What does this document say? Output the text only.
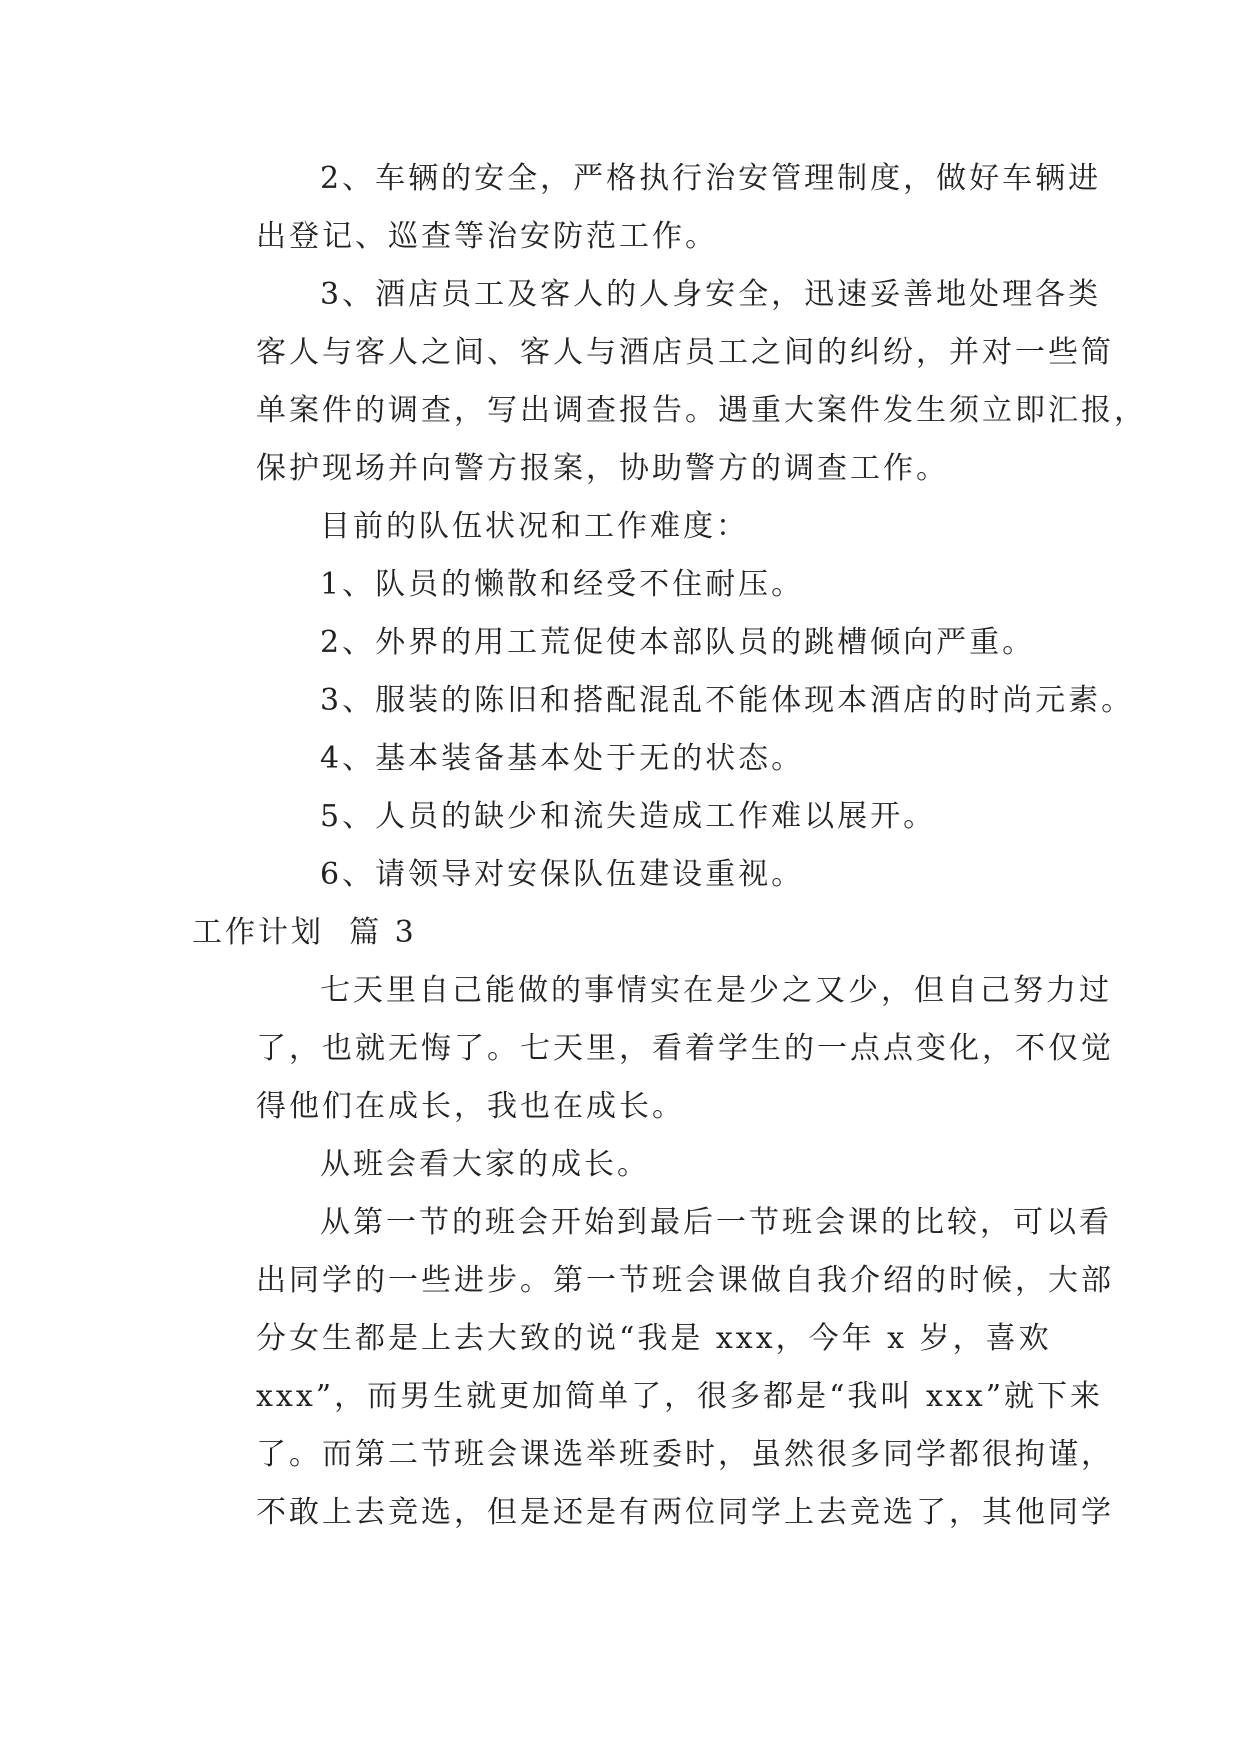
2、车辆的安全，严格执行治安管理制度，做好车辆进
出登记、巡查等治安防范工作。
3、酒店员工及客人的人身安全，迅速妥善地处理各类
客人与客人之间、客人与酒店员工之间的纠纷，并对一些简
单案件的调查，写出调查报告。遇重大案件发生须立即汇报，
保护现场并向警方报案，协助警方的调查工作。
目前的队伍状况和工作难度：
1、队员的懒散和经受不住耐压。
2、外界的用工荒促使本部队员的跳槽倾向严重。
3、服装的陈旧和搭配混乱不能体现本酒店的时尚元素。
4、基本装备基本处于无的状态。
5、人员的缺少和流失造成工作难以展开。
6、请领导对安保队伍建设重视。
工作计划  篇 3
七天里自己能做的事情实在是少之又少，但自己努力过
了，也就无悔了。七天里，看着学生的一点点变化，不仅觉
得他们在成长，我也在成长。
从班会看大家的成长。
从第一节的班会开始到最后一节班会课的比较，可以看
出同学的一些进步。第一节班会课做自我介绍的时候，大部
分女生都是上去大致的说“我是 xxx，今年 x 岁，喜欢
xxx”，而男生就更加简单了，很多都是“我叫 xxx”就下来
了。而第二节班会课选举班委时，虽然很多同学都很拘谨，
不敢上去竞选，但是还是有两位同学上去竞选了，其他同学
